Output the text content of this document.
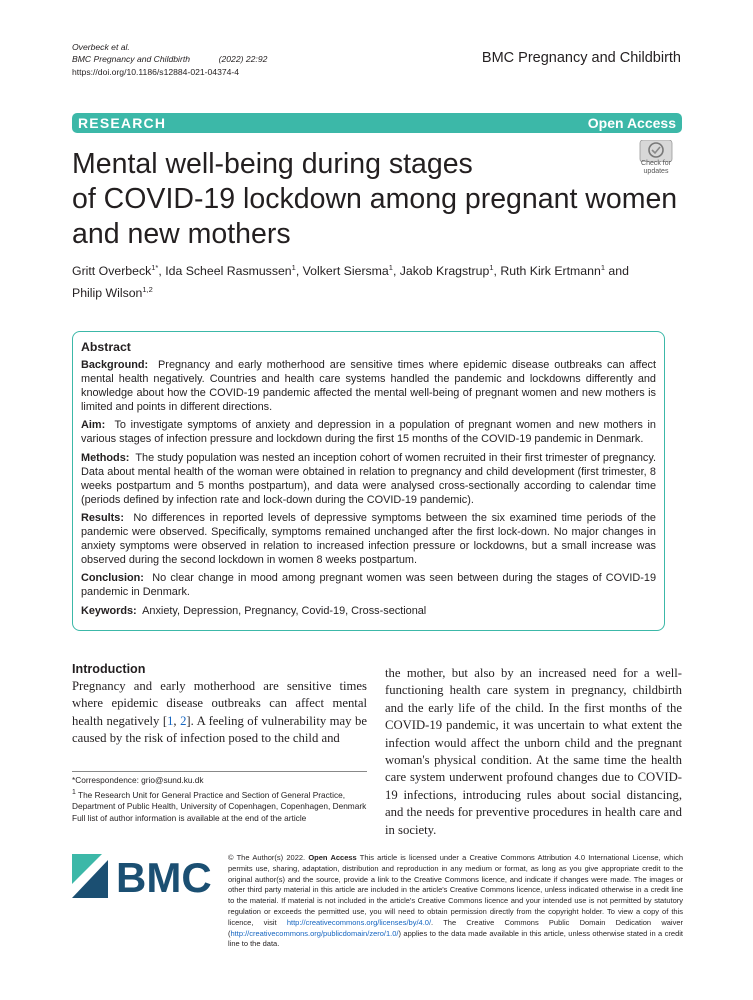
Overbeck et al.
BMC Pregnancy and Childbirth	(2022) 22:92
https://doi.org/10.1186/s12884-021-04374-4
BMC Pregnancy and Childbirth
RESEARCH	Open Access
Check for
updates
Mental well-being during stages
of COVID-19 lockdown among pregnant women
and new mothers
Gritt Overbeck$^{1*}$, Ida Scheel Rasmussen$^1$, Volkert Siersma$^1$, Jakob Kragstrup$^1$, Ruth Kirk Ertmann$^1$ and
Philip Wilson$^{1,2}$
Abstract

Background: Pregnancy and early motherhood are sensitive times where epidemic disease outbreaks can affect mental health negatively. Countries and health care systems handled the pandemic and lockdowns differently and knowledge about how the COVID-19 pandemic affected the mental well-being of pregnant women and new mothers is limited and points in different directions.

Aim: To investigate symptoms of anxiety and depression in a population of pregnant women and new mothers in various stages of infection pressure and lockdown during the first 15 months of the COVID-19 pandemic in Denmark.

Methods: The study population was nested an inception cohort of women recruited in their first trimester of pregnancy. Data about mental health of the woman were obtained in relation to pregnancy and child development (first trimester, 8 weeks postpartum and 5 months postpartum), and data were analysed cross-sectionally according to calendar time (periods defined by infection rate and lock-down during the COVID-19 pandemic).

Results: No differences in reported levels of depressive symptoms between the six examined time periods of the pandemic were observed. Specifically, symptoms remained unchanged after the first lock-down. No major changes in anxiety symptoms were observed in relation to increased infection pressure or lockdowns, but a small increase was observed during the second lockdown in women 8 weeks postpartum.

Conclusion: No clear change in mood among pregnant women was seen between during the stages of COVID-19 pandemic in Denmark.

Keywords: Anxiety, Depression, Pregnancy, Covid-19, Cross-sectional

Introduction

Pregnancy and early motherhood are sensitive times where epidemic disease outbreaks can affect mental health negatively [1, 2]. A feeling of vulnerability may be caused by the risk of infection posed to the child and

the mother, but also by an increased need for a well-functioning health care system in pregnancy, childbirth and the early life of the child. In the first months of the COVID-19 pandemic, it was uncertain to what extent the infection would affect the unborn child and the pregnant woman's physical condition. At the same time the health care system underwent profound changes due to COVID-19 infections, introducing rules about social distancing, and the needs for preventive procedures in health care and in society.

*Correspondence: grio@sund.ku.dk
$^1$ The Research Unit for General Practice and Section of General Practice, Department of Public Health, University of Copenhagen, Copenhagen, Denmark
Full list of author information is available at the end of the article
BMC © The Author(s) 2022. Open Access This article is licensed under a Creative Commons Attribution 4.0 International License, which permits use, sharing, adaptation, distribution and reproduction in any medium or format, as long as you give appropriate credit to the original author(s) and the source, provide a link to the Creative Commons licence, and indicate if changes were made. The images or other third party material in this article are included in the article's Creative Commons licence, unless indicated otherwise in a credit line to the material. If material is not included in the article's Creative Commons licence and your intended use is not permitted by statutory regulation or exceeds the permitted use, you will need to obtain permission directly from the copyright holder. To view a copy of this licence, visit http://creativecommons.org/licenses/by/4.0/. The Creative Commons Public Domain Dedication waiver (http://creativecommons.org/publicdomain/zero/1.0/) applies to the data made available in this article, unless otherwise stated in a credit line to the data.
